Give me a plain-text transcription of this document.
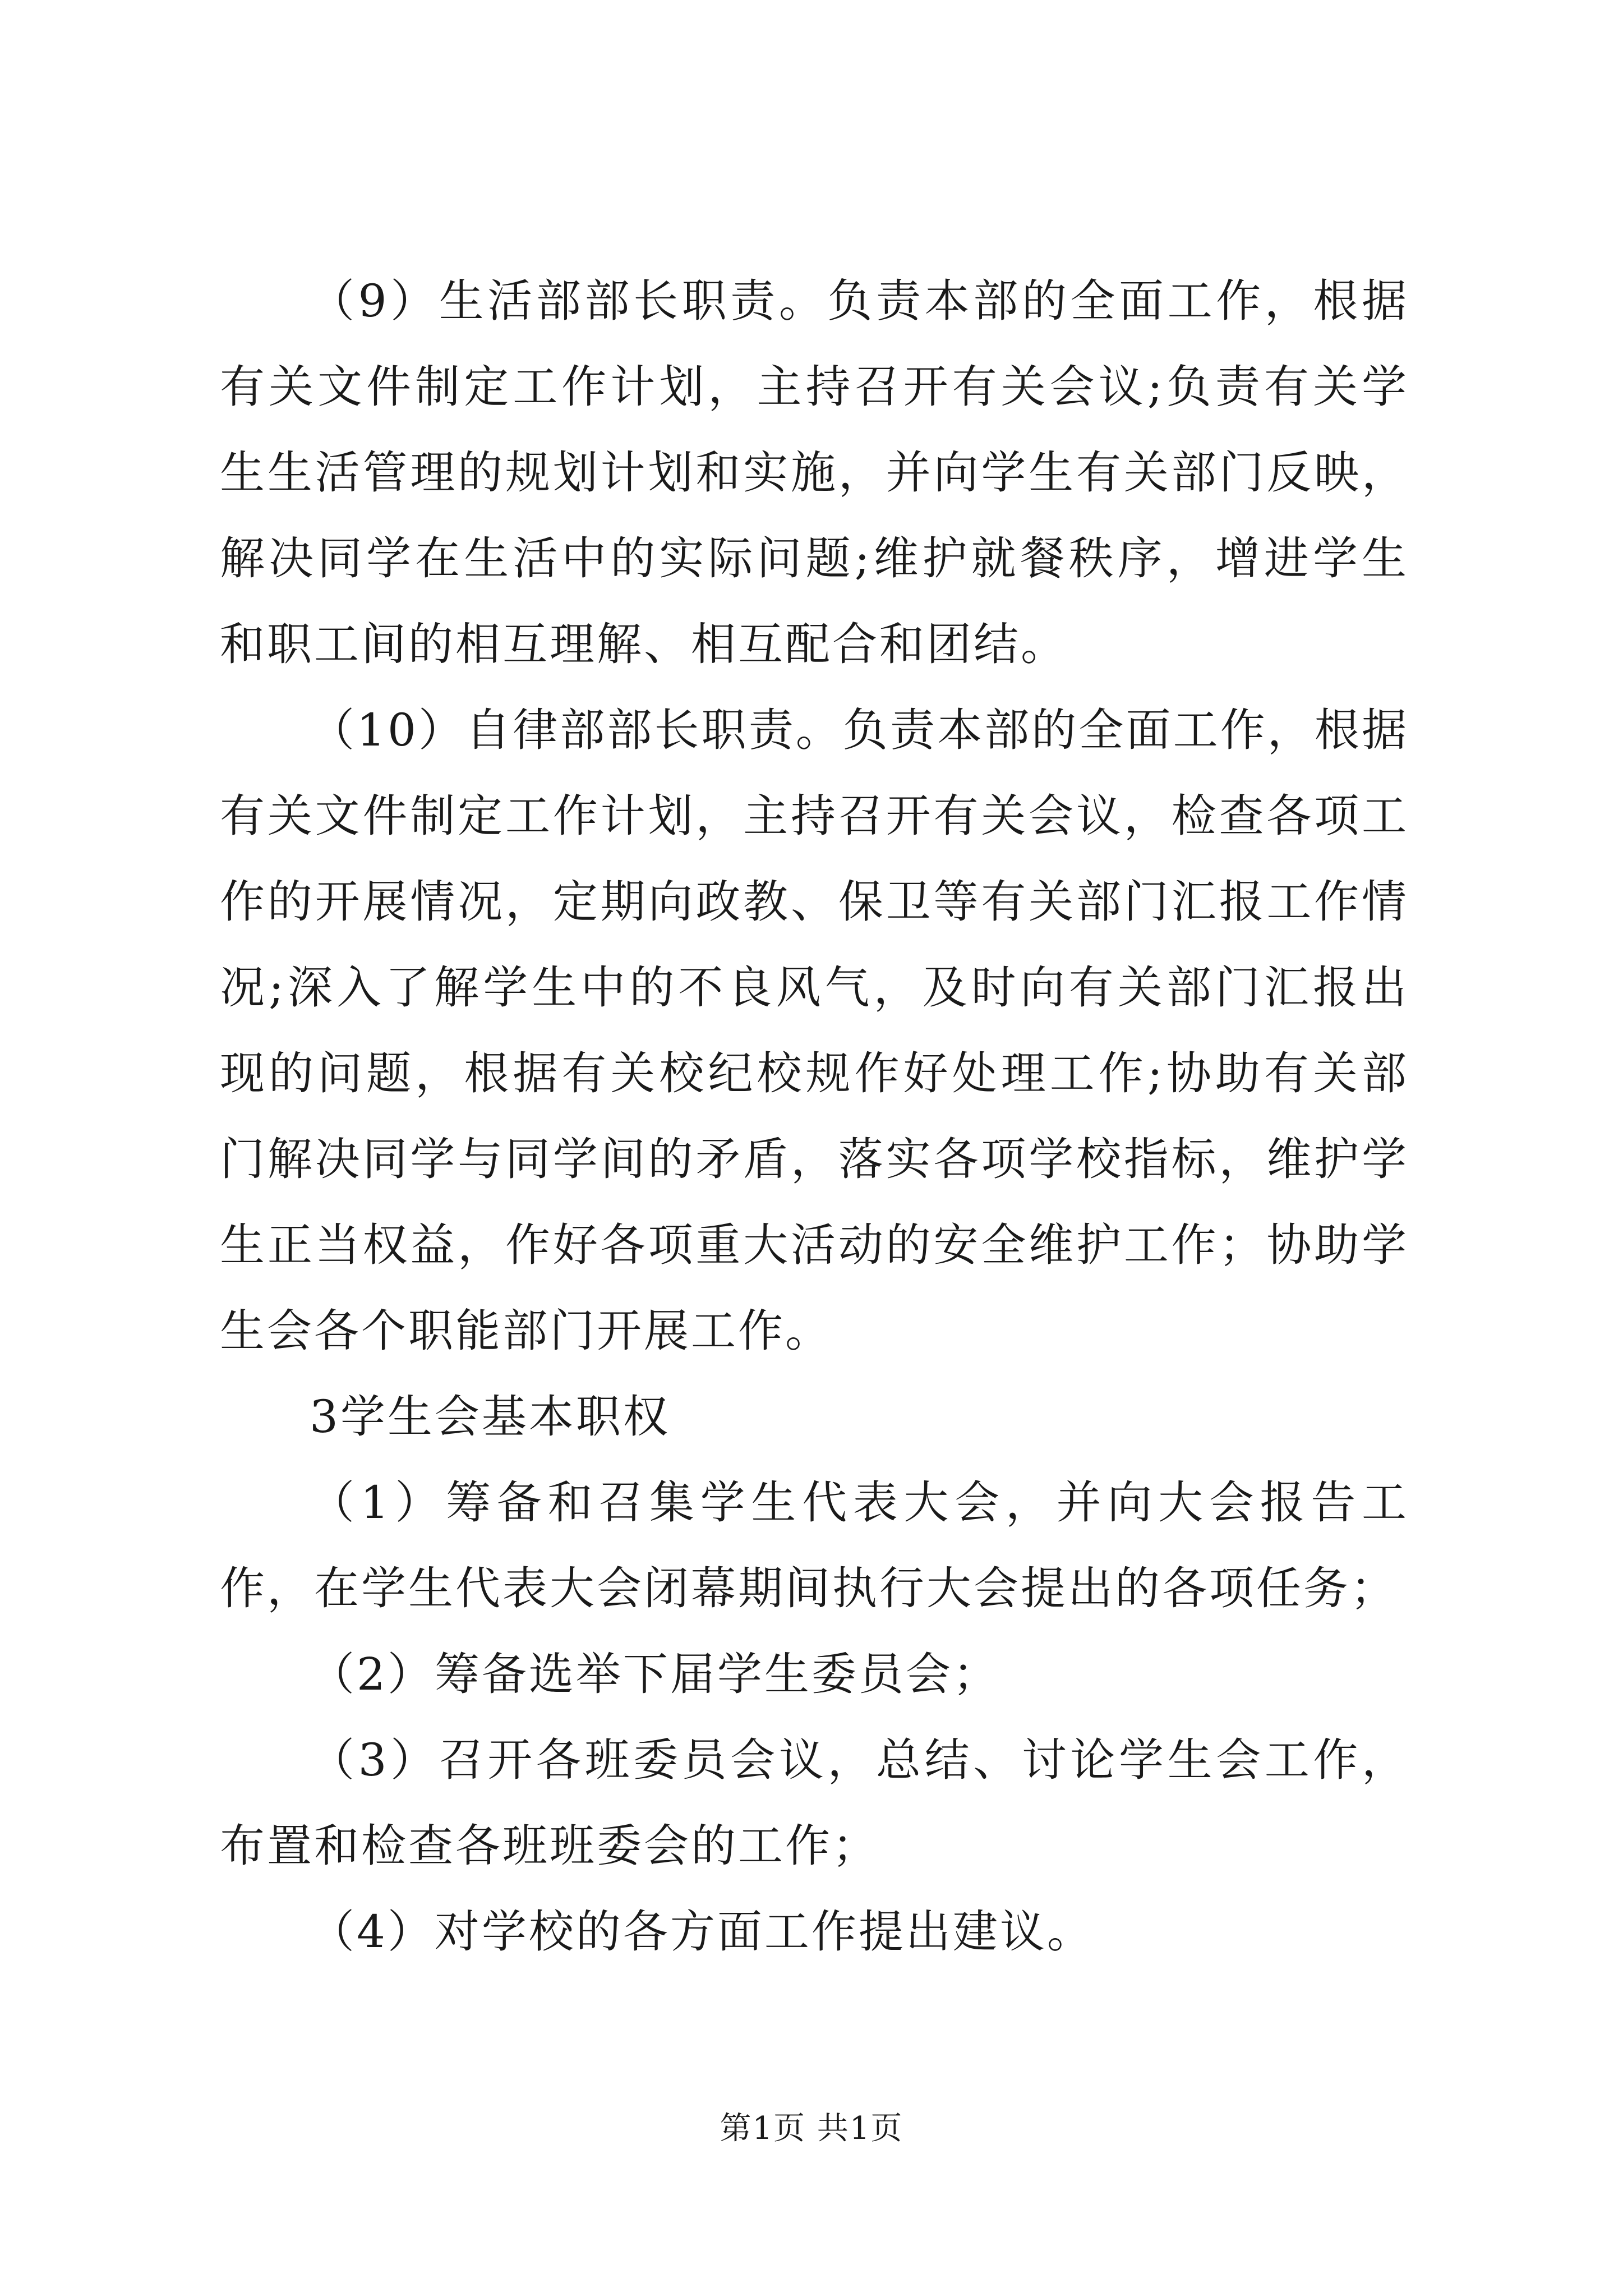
（9）生活部部长职责。负责本部的全面工作，根据有关文件制定工作计划，主持召开有关会议;负责有关学生生活管理的规划计划和实施，并向学生有关部门反映，解决同学在生活中的实际问题;维护就餐秩序，增进学生和职工间的相互理解、相互配合和团结。

（10）自律部部长职责。负责本部的全面工作，根据有关文件制定工作计划，主持召开有关会议，检查各项工作的开展情况，定期向政教、保卫等有关部门汇报工作情况;深入了解学生中的不良风气，及时向有关部门汇报出现的问题，根据有关校纪校规作好处理工作;协助有关部门解决同学与同学间的矛盾，落实各项学校指标，维护学生正当权益，作好各项重大活动的安全维护工作；协助学生会各个职能部门开展工作。

3学生会基本职权

（1）筹备和召集学生代表大会，并向大会报告工作，在学生代表大会闭幕期间执行大会提出的各项任务；

（2）筹备选举下届学生委员会；

（3）召开各班委员会议，总结、讨论学生会工作，布置和检查各班班委会的工作；

（4）对学校的各方面工作提出建议。

第1页 共1页
